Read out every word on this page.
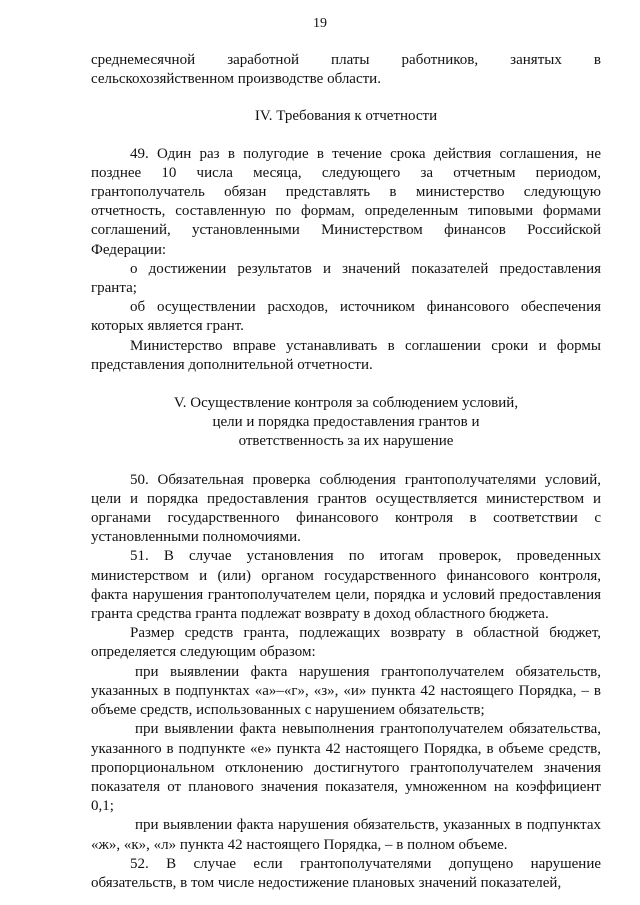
19

среднемесячной заработной платы работников, занятых в сельскохозяйственном производстве области.

IV. Требования к отчетности

49. Один раз в полугодие в течение срока действия соглашения, не позднее 10 числа месяца, следующего за отчетным периодом, грантополучатель обязан представлять в министерство следующую отчетность, составленную по формам, определенным типовыми формами соглашений, установленными Министерством финансов Российской Федерации:

о достижении результатов и значений показателей предоставления гранта;

об осуществлении расходов, источником финансового обеспечения которых является грант.

Министерство вправе устанавливать в соглашении сроки и формы представления дополнительной отчетности.

V. Осуществление контроля за соблюдением условий,
цели и порядка предоставления грантов и
ответственность за их нарушение

50. Обязательная проверка соблюдения грантополучателями условий, цели и порядка предоставления грантов осуществляется министерством и органами государственного финансового контроля в соответствии с установленными полномочиями.

51. В случае установления по итогам проверок, проведенных министерством и (или) органом государственного финансового контроля, факта нарушения грантополучателем цели, порядка и условий предоставления гранта средства гранта подлежат возврату в доход областного бюджета.

Размер средств гранта, подлежащих возврату в областной бюджет, определяется следующим образом:

при выявлении факта нарушения грантополучателем обязательств, указанных в подпунктах «а»–«г», «з», «и» пункта 42 настоящего Порядка, – в объеме средств, использованных с нарушением обязательств;

при выявлении факта невыполнения грантополучателем обязательства, указанного в подпункте «е» пункта 42 настоящего Порядка, в объеме средств, пропорциональном отклонению достигнутого грантополучателем значения показателя от планового значения показателя, умноженном на коэффициент 0,1;

при выявлении факта нарушения обязательств, указанных в подпунктах «ж», «к», «л» пункта 42 настоящего Порядка, – в полном объеме.

52. В случае если грантополучателями допущено нарушение обязательств, в том числе недостижение плановых значений показателей,
